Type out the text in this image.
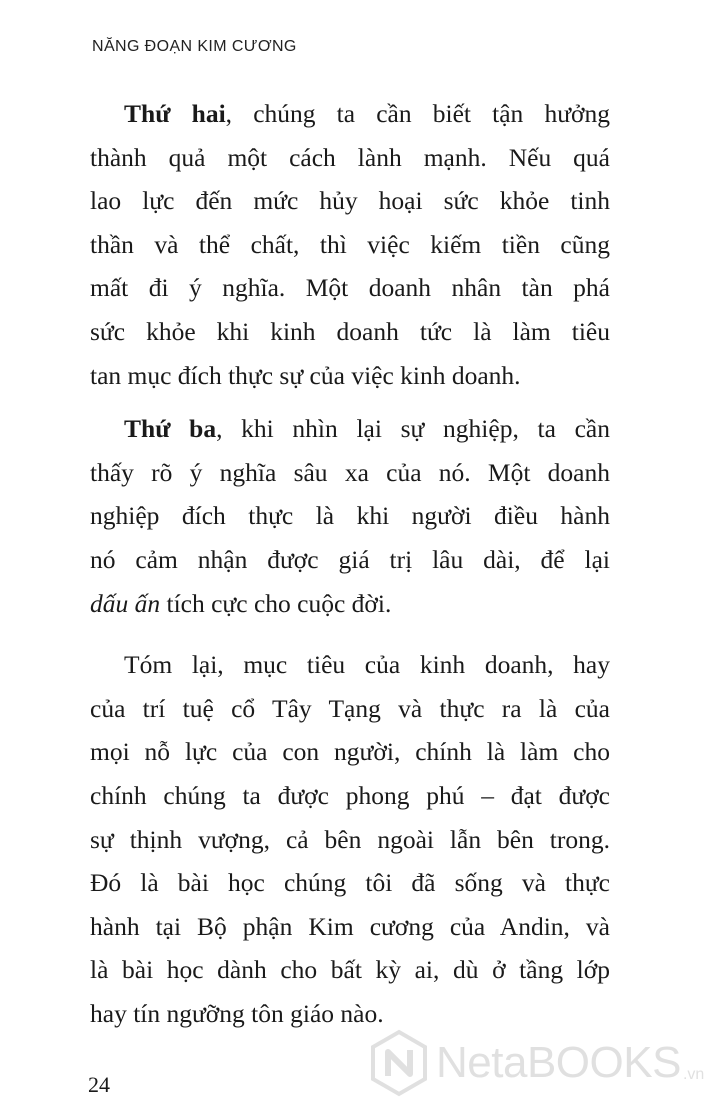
NĂNG ĐOẠN KIM CƯƠNG

Thứ hai, chúng ta cần biết tận hưởng
thành quả một cách lành mạnh. Nếu quá
lao lực đến mức hủy hoại sức khỏe tinh
thần và thể chất, thì việc kiếm tiền cũng
mất đi ý nghĩa. Một doanh nhân tàn phá
sức khỏe khi kinh doanh tức là làm tiêu
tan mục đích thực sự của việc kinh doanh.

Thứ ba, khi nhìn lại sự nghiệp, ta cần
thấy rõ ý nghĩa sâu xa của nó. Một doanh
nghiệp đích thực là khi người điều hành
nó cảm nhận được giá trị lâu dài, để lại
dấu ấn tích cực cho cuộc đời.

Tóm lại, mục tiêu của kinh doanh, hay
của trí tuệ cổ Tây Tạng và thực ra là của
mọi nỗ lực của con người, chính là làm cho
chính chúng ta được phong phú – đạt được
sự thịnh vượng, cả bên ngoài lẫn bên trong.
Đó là bài học chúng tôi đã sống và thực
hành tại Bộ phận Kim cương của Andin, và
là bài học dành cho bất kỳ ai, dù ở tầng lớp
hay tín ngưỡng tôn giáo nào.

24	NetaBOOKS .vn
